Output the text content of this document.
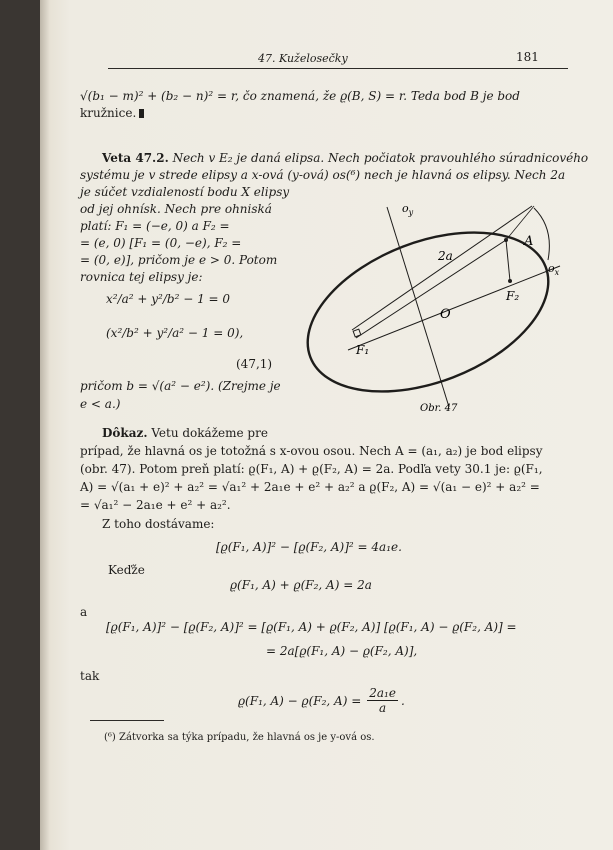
47. Kuželosečky	181
√(b₁ − m)² + (b₂ − n)² = r, čo znamená, že ϱ(B, S) = r. Teda bod B je bod
kružnice.
Veta 47.2. Nech v E₂ je daná elipsa. Nech počiatok pravouhlého súradnicového
systému je v strede elipsy a x-ová (y-ová) os(⁶) nech je hlavná os elipsy. Nech 2a
je súčet vzdialeností bodu X elipsy
od jej ohnísk. Nech pre ohniská
platí: F₁ = (−e, 0) a F₂ =
= (e, 0) [F₁ = (0, −e), F₂ =
= (0, e)], pričom je e > 0. Potom
rovnica tej elipsy je:
x²/a² + y²/b² − 1 = 0
(x²/b² + y²/a² − 1 = 0),
(47,1)
pričom b = √(a² − e²). (Zrejme je
e < a.)
$o_y$
$o_x$
2a
A
O
F₂
F₁
Obr. 47
Dôkaz. Vetu dokážeme pre
prípad, že hlavná os je totožná s x-ovou osou. Nech A = (a₁, a₂) je bod elipsy
(obr. 47). Potom preň platí: ϱ(F₁, A) + ϱ(F₂, A) = 2a. Podľa vety 30.1 je: ϱ(F₁,
A) = √(a₁ + e)² + a₂² = √a₁² + 2a₁e + e² + a₂² a ϱ(F₂, A) = √(a₁ − e)² + a₂² =
= √a₁² − 2a₁e + e² + a₂².
Z toho dostávame:
[ϱ(F₁, A)]² − [ϱ(F₂, A)]² = 4a₁e.
Keďže
ϱ(F₁, A) + ϱ(F₂, A) = 2a
a
[ϱ(F₁, A)]² − [ϱ(F₂, A)]² = [ϱ(F₁, A) + ϱ(F₂, A)] [ϱ(F₁, A) − ϱ(F₂, A)] =
= 2a[ϱ(F₁, A) − ϱ(F₂, A)],
tak
ϱ(F₁, A) − ϱ(F₂, $A) = \frac{\text{2a₁e}}{a}$ .
(⁶) Zátvorka sa týka prípadu, že hlavná os je y-ová os.
